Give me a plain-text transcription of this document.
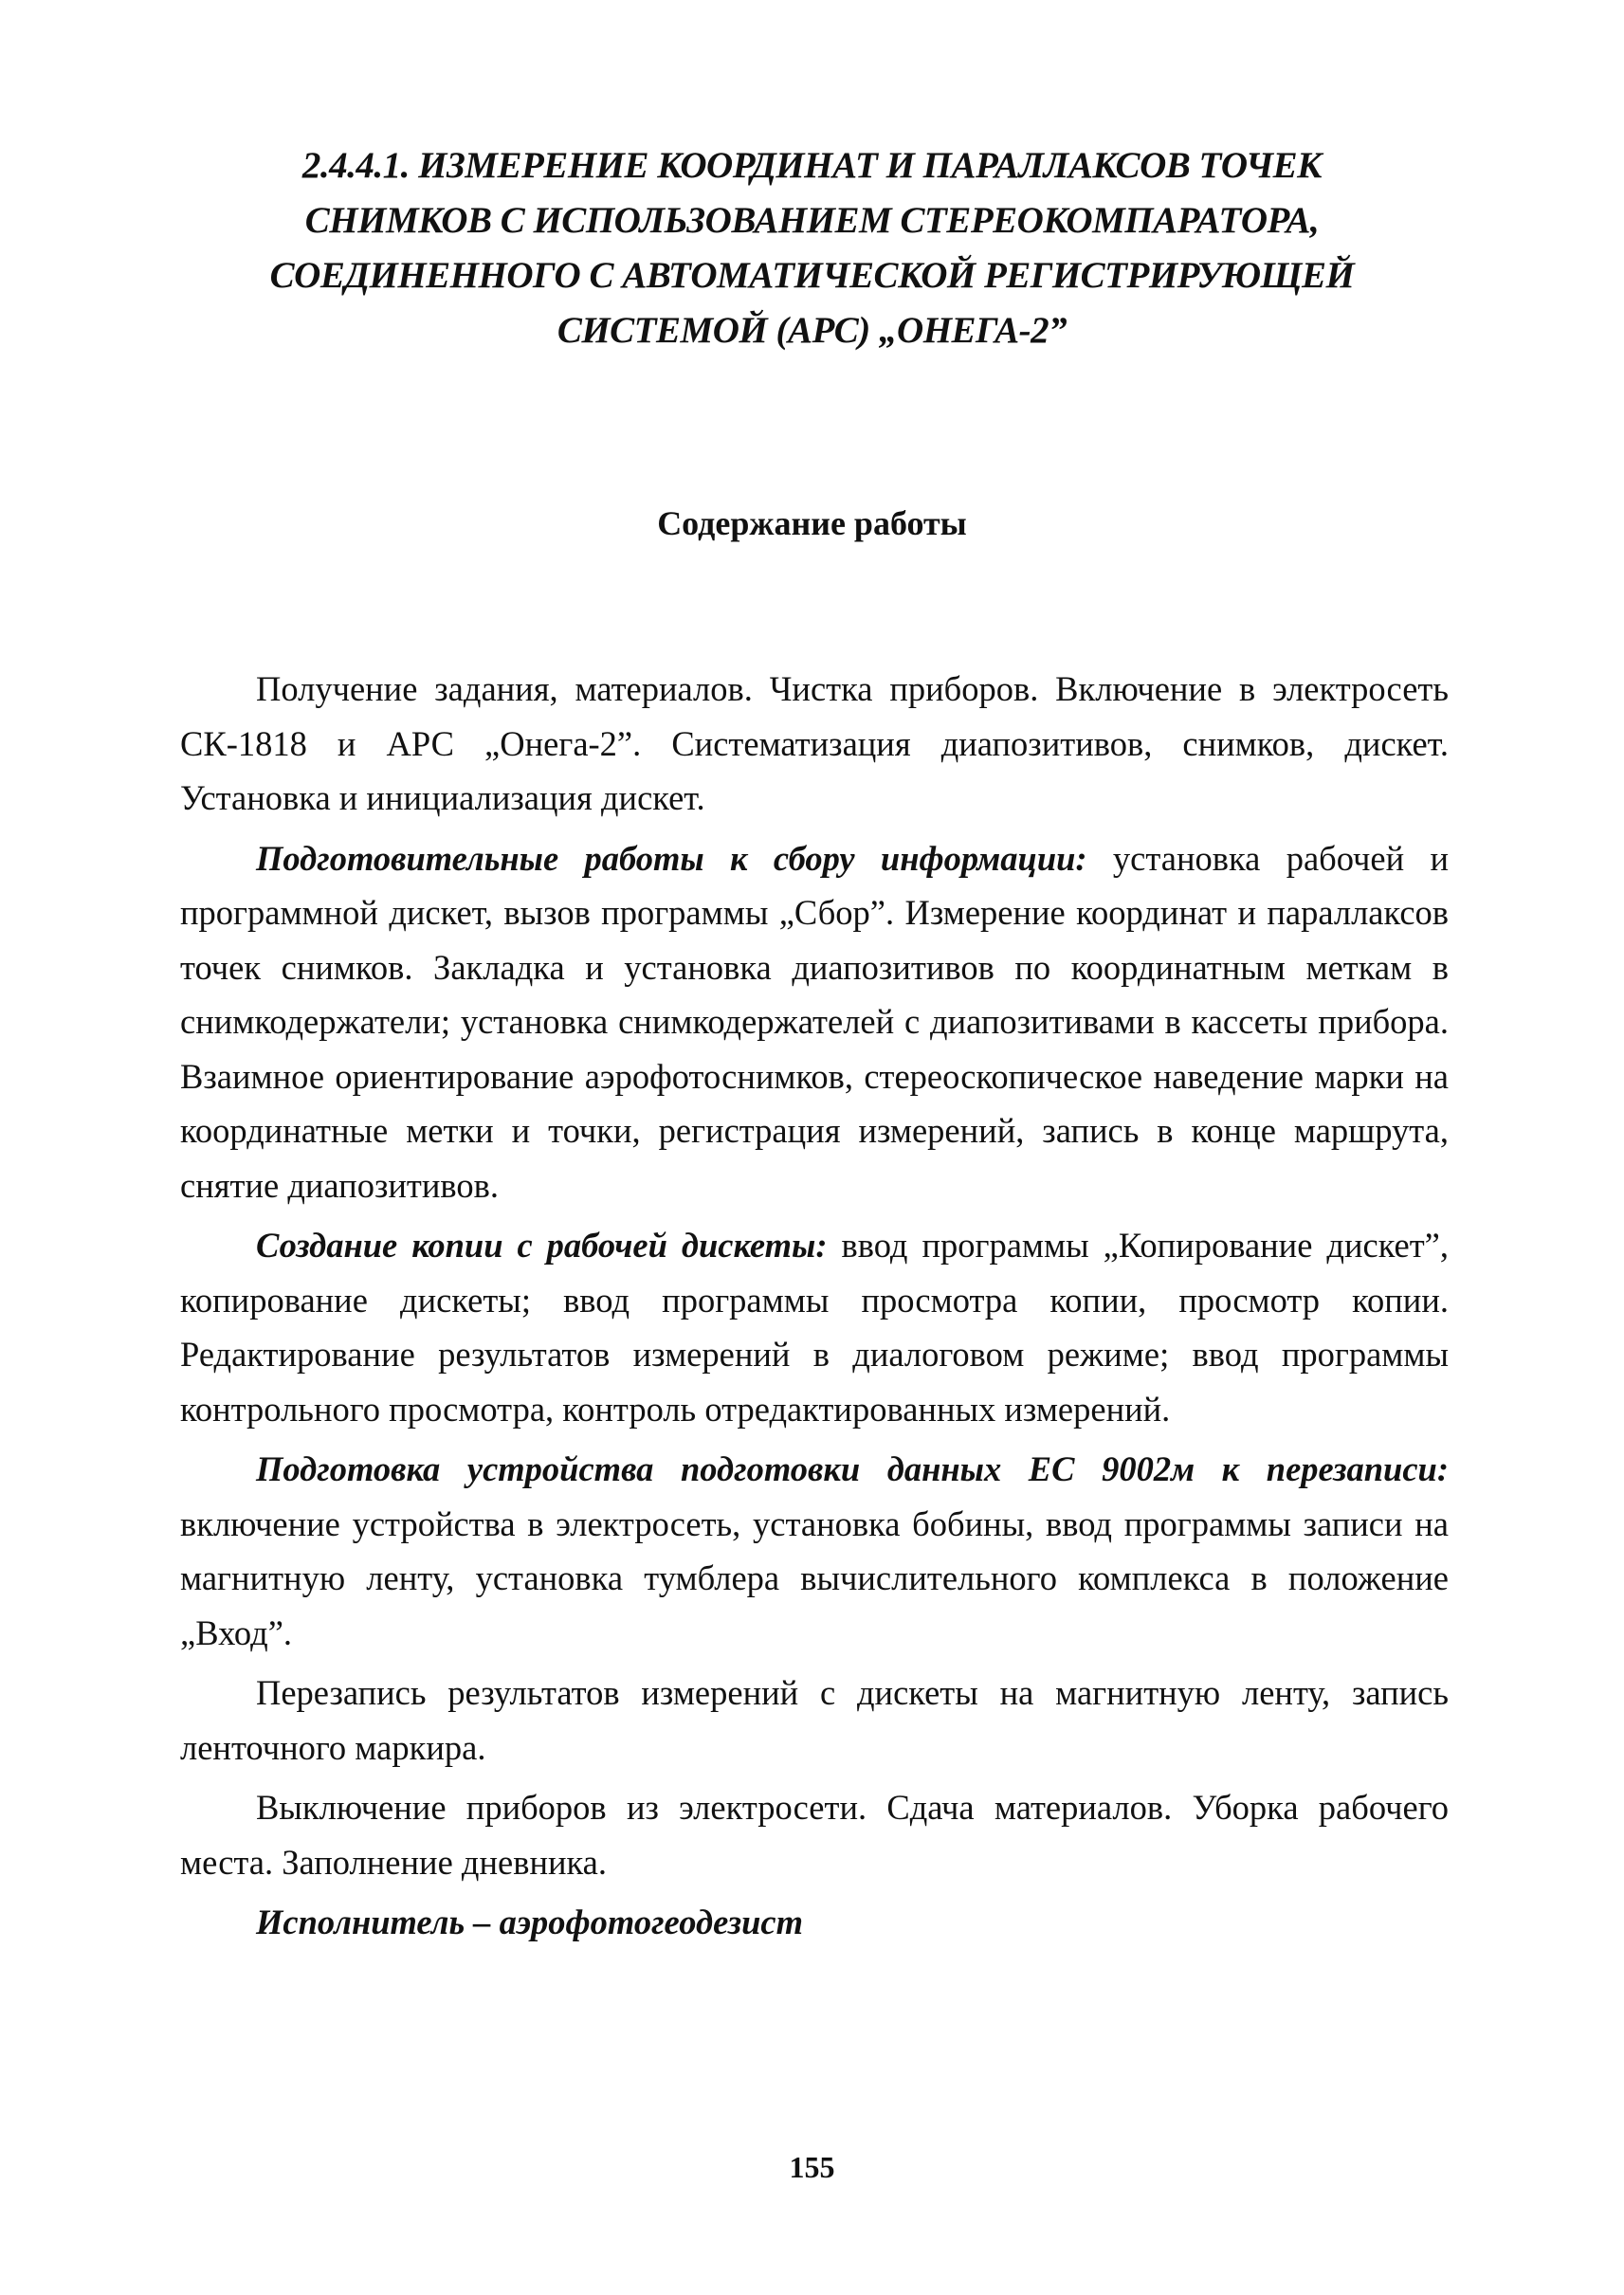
2.4.4.1. ИЗМЕРЕНИЕ КООРДИНАТ И ПАРАЛЛАКСОВ ТОЧЕК
СНИМКОВ С ИСПОЛЬЗОВАНИЕМ СТЕРЕОКОМПАРАТОРА,
СОЕДИНЕННОГО С АВТОМАТИЧЕСКОЙ РЕГИСТРИРУЮЩЕЙ
СИСТЕМОЙ (АРС) „ОНЕГА-2”
Содержание работы

Получение задания, материалов. Чистка приборов. Включение в электросеть СК-1818 и АРС „Онега-2”. Систематизация диапозитивов, снимков, дискет. Установка и инициализация дискет.

Подготовительные работы к сбору информации: установка рабочей и программной дискет, вызов программы „Сбор”. Измерение координат и параллаксов точек снимков. Закладка и установка диапозитивов по координатным меткам в снимкодержатели; установка снимкодержателей с диапозитивами в кассеты прибора. Взаимное ориентирование аэрофотоснимков, стереоскопическое наведение марки на координатные метки и точки, регистрация измерений, запись в конце маршрута, снятие диапозитивов.

Создание копии с рабочей дискеты: ввод программы „Копирование дискет”, копирование дискеты; ввод программы просмотра копии, просмотр копии. Редактирование результатов измерений в диалоговом режиме; ввод программы контрольного просмотра, контроль отредактированных измерений.

Подготовка устройства подготовки данных ЕС 9002м к перезаписи: включение устройства в электросеть, установка бобины, ввод программы записи на магнитную ленту, установка тумблера вычислительного комплекса в положение „Вход”.

Перезапись результатов измерений с дискеты на магнитную ленту, запись ленточного маркира.

Выключение приборов из электросети. Сдача материалов. Уборка рабочего места. Заполнение дневника.

Исполнитель – аэрофотогеодезист

155
